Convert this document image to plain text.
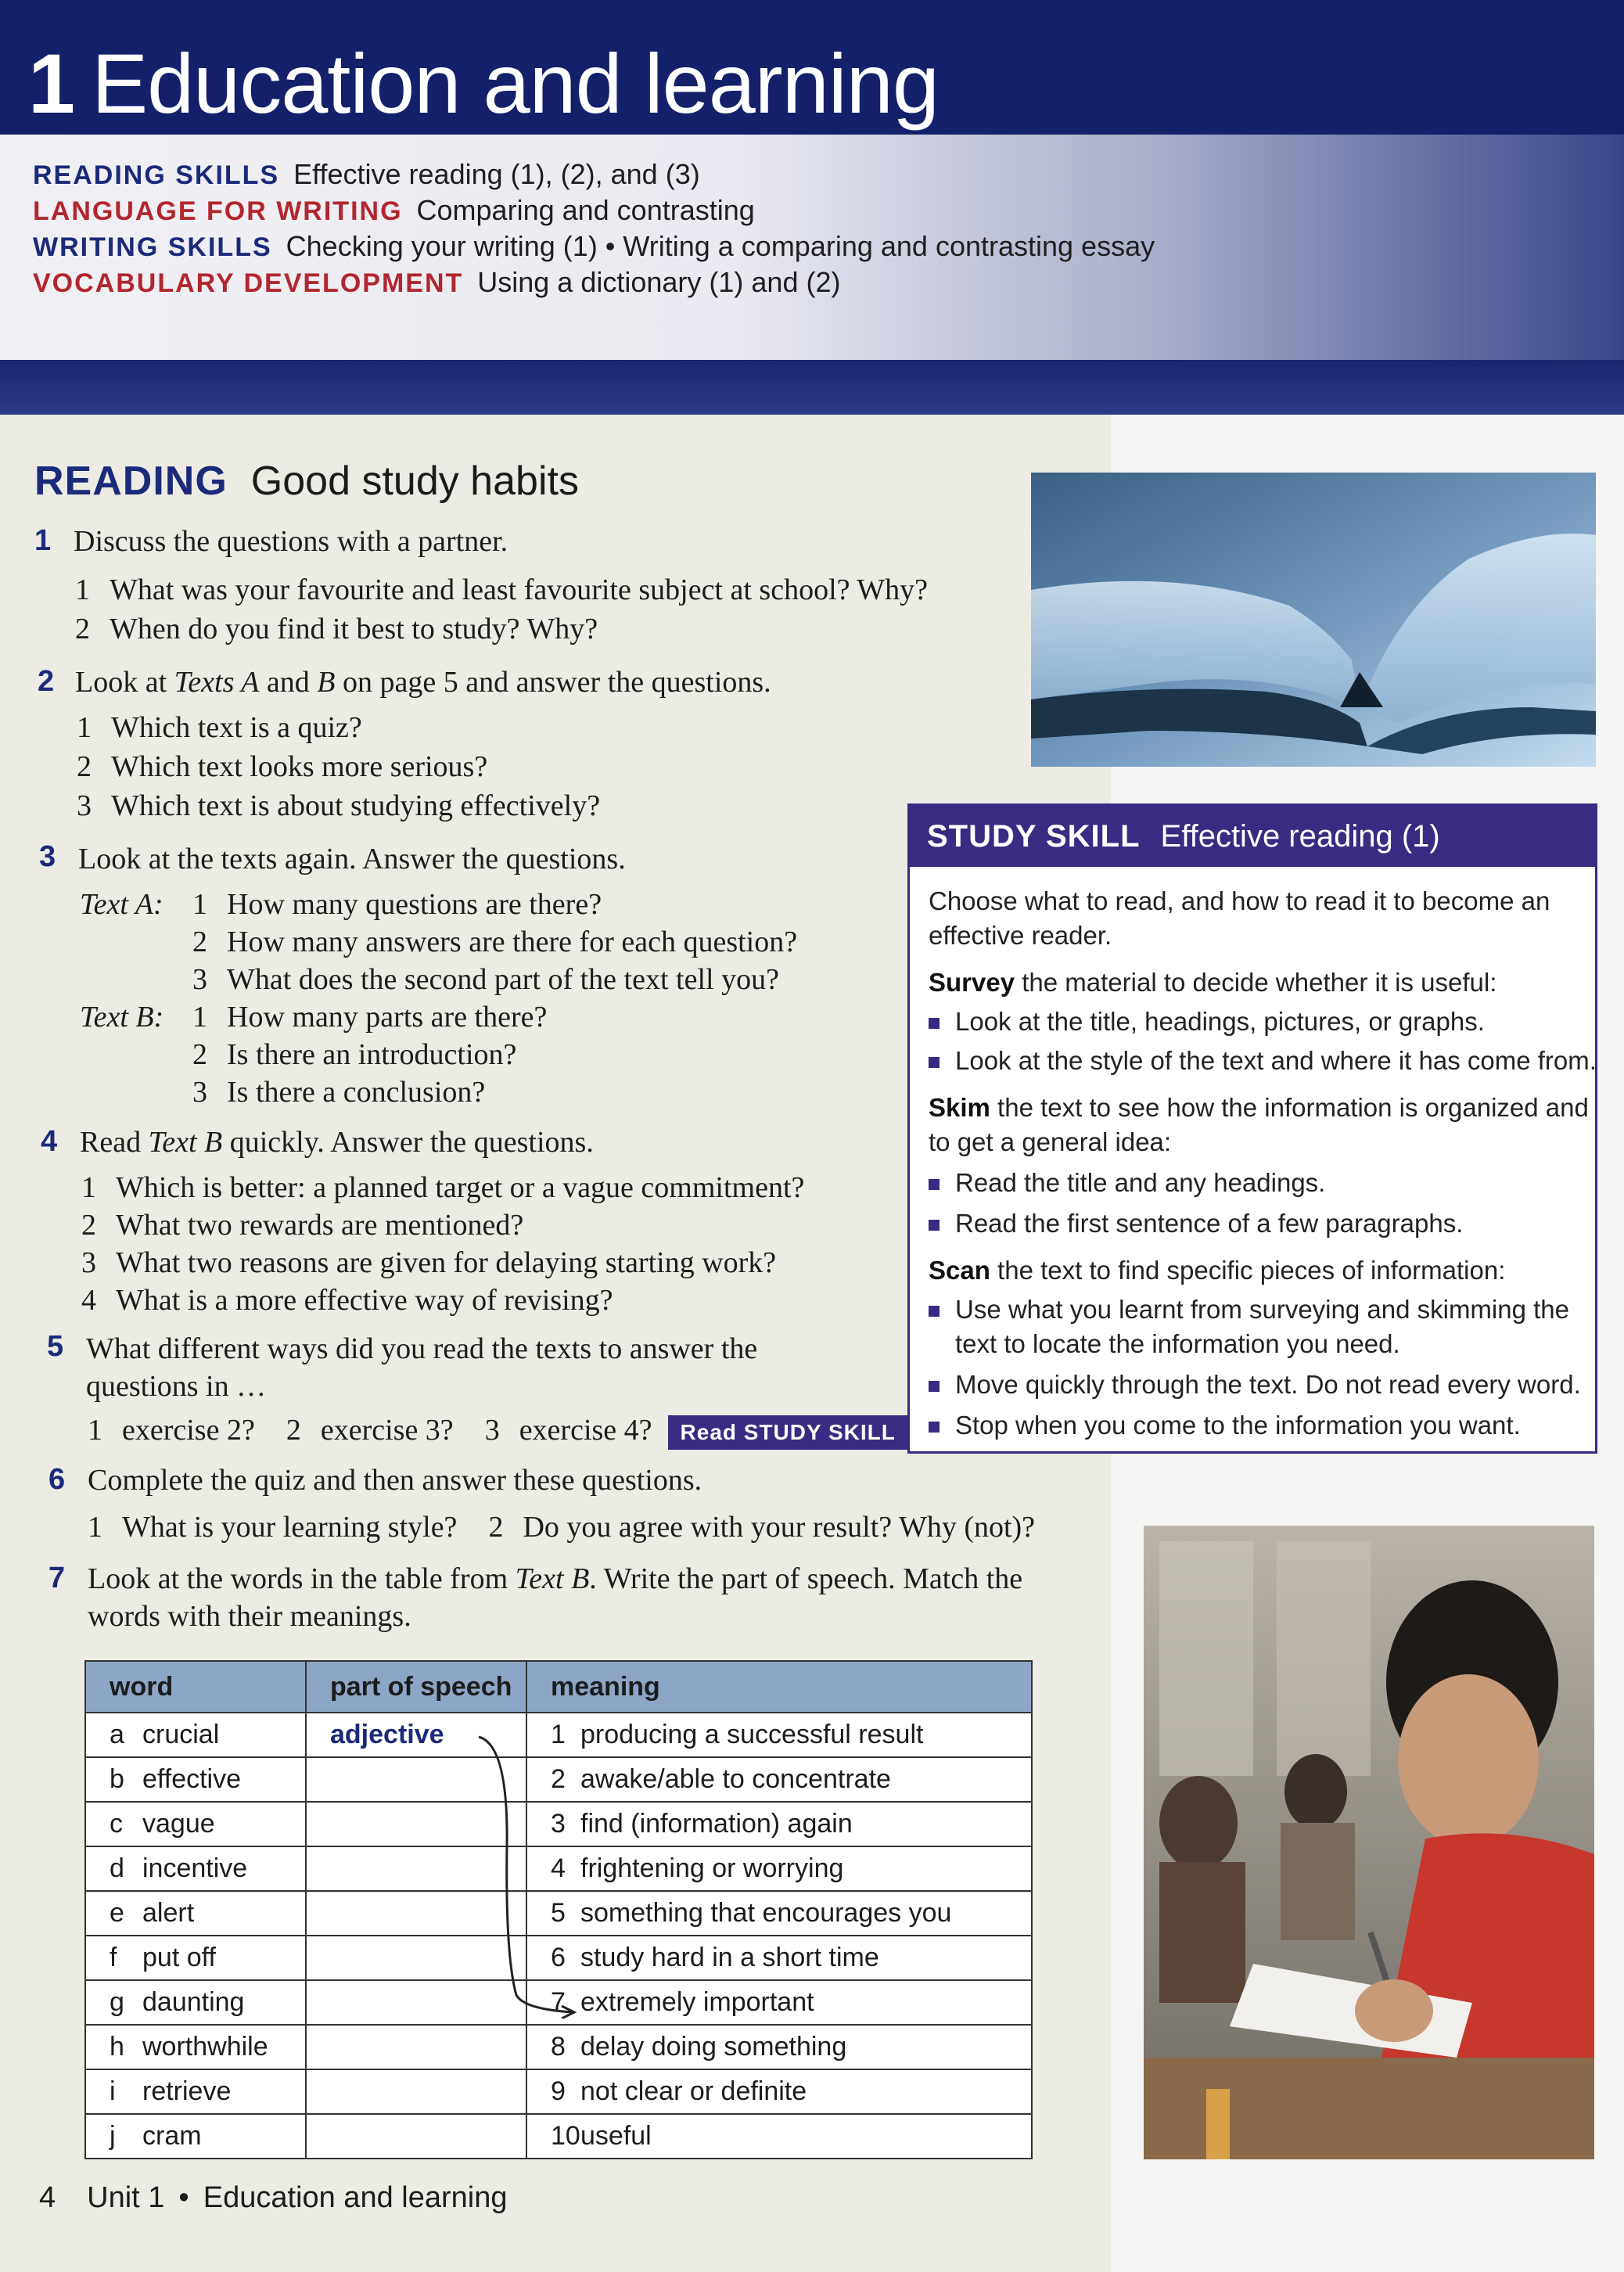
1 Education and learning
READING SKILLS Effective reading (1), (2), and (3)
LANGUAGE FOR WRITING Comparing and contrasting
WRITING SKILLS Checking your writing (1) • Writing a comparing and contrasting essay
VOCABULARY DEVELOPMENT Using a dictionary (1) and (2)
READING Good study habits
1 Discuss the questions with a partner.
1 What was your favourite and least favourite subject at school? Why?
2 When do you find it best to study? Why?
2 Look at Texts A and B on page 5 and answer the questions.
1 Which text is a quiz?
2 Which text looks more serious?
3 Which text is about studying effectively?
3 Look at the texts again. Answer the questions.
Text A: 1 How many questions are there?
2 How many answers are there for each question?
3 What does the second part of the text tell you?
Text B: 1 How many parts are there?
2 Is there an introduction?
3 Is there a conclusion?
4 Read Text B quickly. Answer the questions.
1 Which is better: a planned target or a vague commitment?
2 What two rewards are mentioned?
3 What two reasons are given for delaying starting work?
4 What is a more effective way of revising?
5 What different ways did you read the texts to answer the
questions in …
1 exercise 2? 2 exercise 3? 3 exercise 4? Read STUDY SKILL
6 Complete the quiz and then answer these questions.
1 What is your learning style? 2 Do you agree with your result? Why (not)?
7 Look at the words in the table from Text B. Write the part of speech. Match the
words with their meanings.
STUDY SKILL Effective reading (1)
Choose what to read, and how to read it to become an
effective reader.
Survey the material to decide whether it is useful:
Look at the title, headings, pictures, or graphs.
Look at the style of the text and where it has come from.
Skim the text to see how the information is organized and
to get a general idea:
Read the title and any headings.
Read the first sentence of a few paragraphs.
Scan the text to find specific pieces of information:
Use what you learnt from surveying and skimming the
text to locate the information you need.
Move quickly through the text. Do not read every word.
Stop when you come to the information you want.
word	part of speech	meaning
a crucial	adjective	1 producing a successful result
b effective		2 awake/able to concentrate
c vague		3 find (information) again
d incentive		4 frightening or worrying
e alert		5 something that encourages you
f put off		6 study hard in a short time
g daunting		7 extremely important
h worthwhile		8 delay doing something
i retrieve		9 not clear or definite
j cram		10useful
4 Unit 1 • Education and learning
